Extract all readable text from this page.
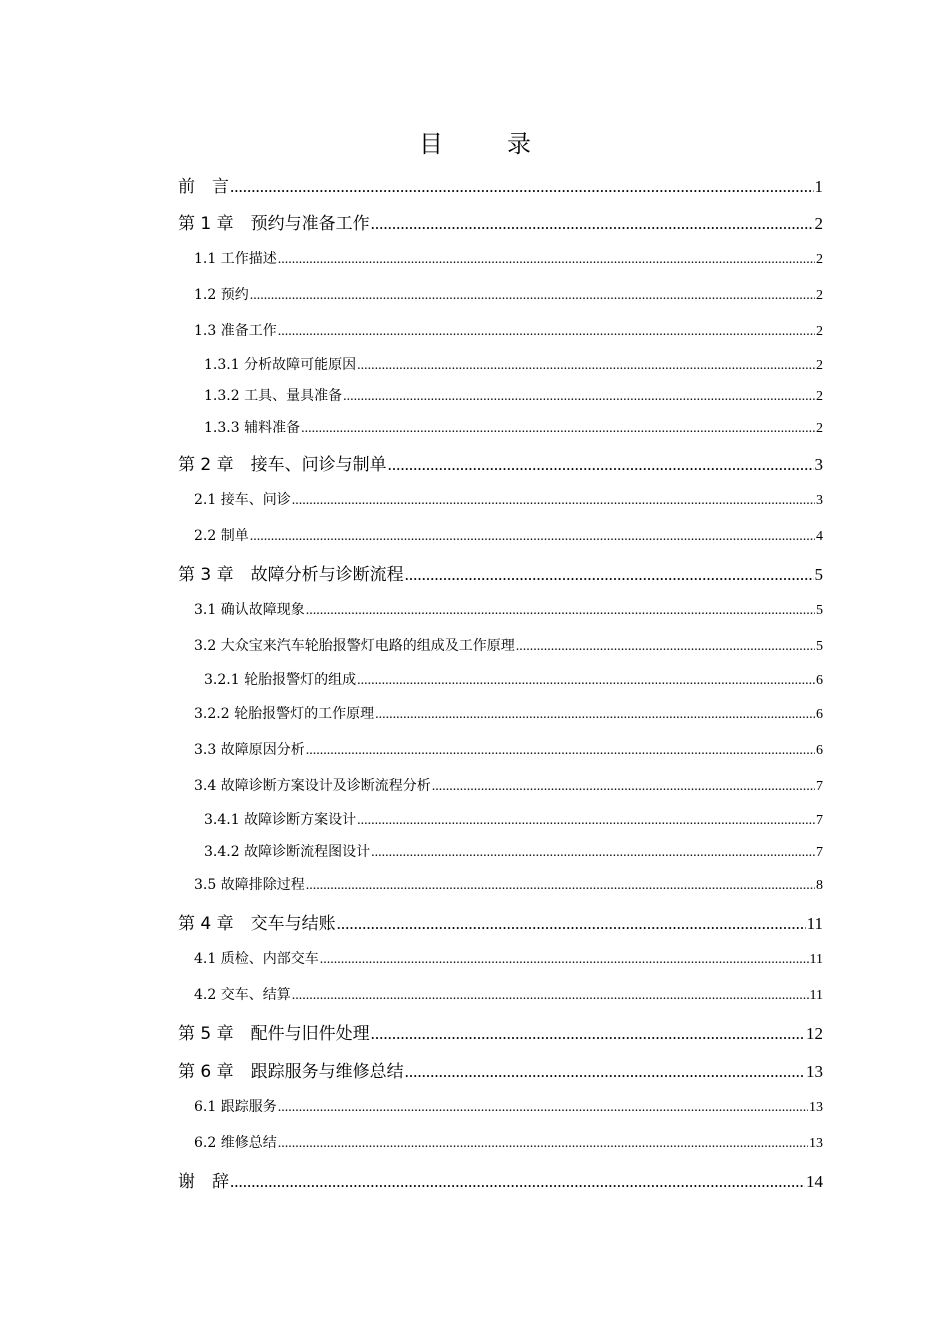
目　录
前　言 .....	1
第 1 章　预约与准备工作 .....	2
1.1 工作描述 .....	2
1.2 预约 .....	2
1.3 准备工作 .....	2
1.3.1 分析故障可能原因 .....	2
1.3.2 工具、量具准备 .....	2
1.3.3 辅料准备 .....	2
第 2 章　接车、问诊与制单 .....	3
2.1 接车、问诊 .....	3
2.2 制单 .....	4
第 3 章　故障分析与诊断流程 .....	5
3.1 确认故障现象 .....	5
3.2 大众宝来汽车轮胎报警灯电路的组成及工作原理 .....	5
3.2.1 轮胎报警灯的组成 .....	6
3.2.2 轮胎报警灯的工作原理 .....	6
3.3 故障原因分析 .....	6
3.4 故障诊断方案设计及诊断流程分析 .....	7
3.4.1 故障诊断方案设计 .....	7
3.4.2 故障诊断流程图设计 .....	7
3.5 故障排除过程 .....	8
第 4 章　交车与结账 .....	11
4.1 质检、内部交车 .....	11
4.2 交车、结算 .....	11
第 5 章　配件与旧件处理 .....	12
第 6 章　跟踪服务与维修总结 .....	13
6.1 跟踪服务 .....	13
6.2 维修总结 .....	13
谢　辞 .....	14
